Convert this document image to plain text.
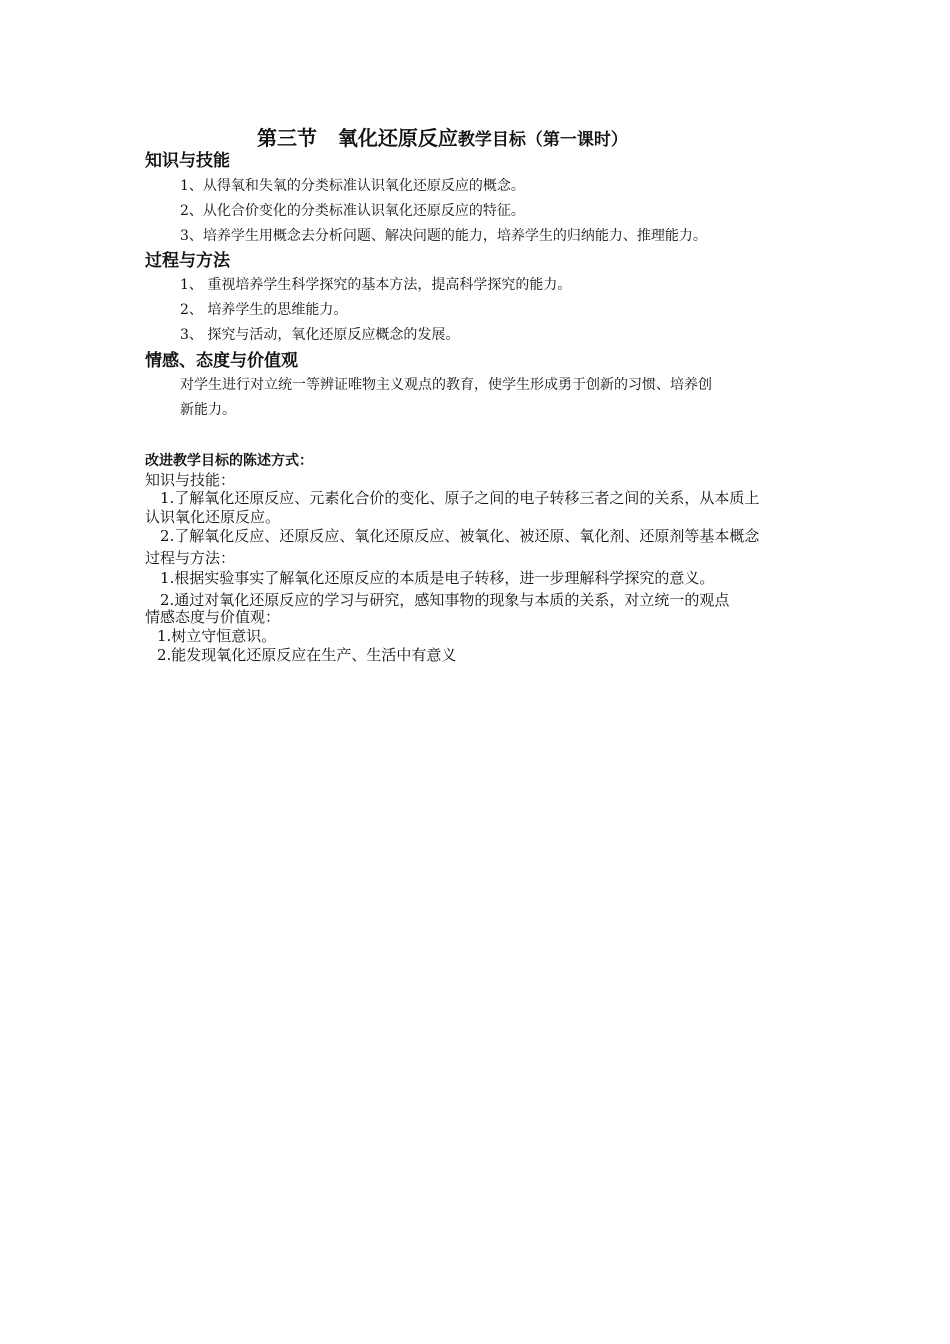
第三节   氧化还原反应教学目标（第一课时）
知识与技能
1、从得氧和失氧的分类标准认识氧化还原反应的概念。
2、从化合价变化的分类标准认识氧化还原反应的特征。
3、培养学生用概念去分析问题、解决问题的能力，培养学生的归纳能力、推理能力。
过程与方法
1、 重视培养学生科学探究的基本方法，提高科学探究的能力。
2、 培养学生的思维能力。
3、 探究与活动，氧化还原反应概念的发展。
情感、态度与价值观
对学生进行对立统一等辨证唯物主义观点的教育，使学生形成勇于创新的习惯、培养创
新能力。
改进教学目标的陈述方式：
知识与技能：
1.了解氧化还原反应、元素化合价的变化、原子之间的电子转移三者之间的关系，从本质上
认识氧化还原反应。
2.了解氧化反应、还原反应、氧化还原反应、被氧化、被还原、氧化剂、还原剂等基本概念
过程与方法：
1.根据实验事实了解氧化还原反应的本质是电子转移，进一步理解科学探究的意义。
2.通过对氧化还原反应的学习与研究，感知事物的现象与本质的关系，对立统一的观点
情感态度与价值观：
1.树立守恒意识。
2.能发现氧化还原反应在生产、生活中有意义
